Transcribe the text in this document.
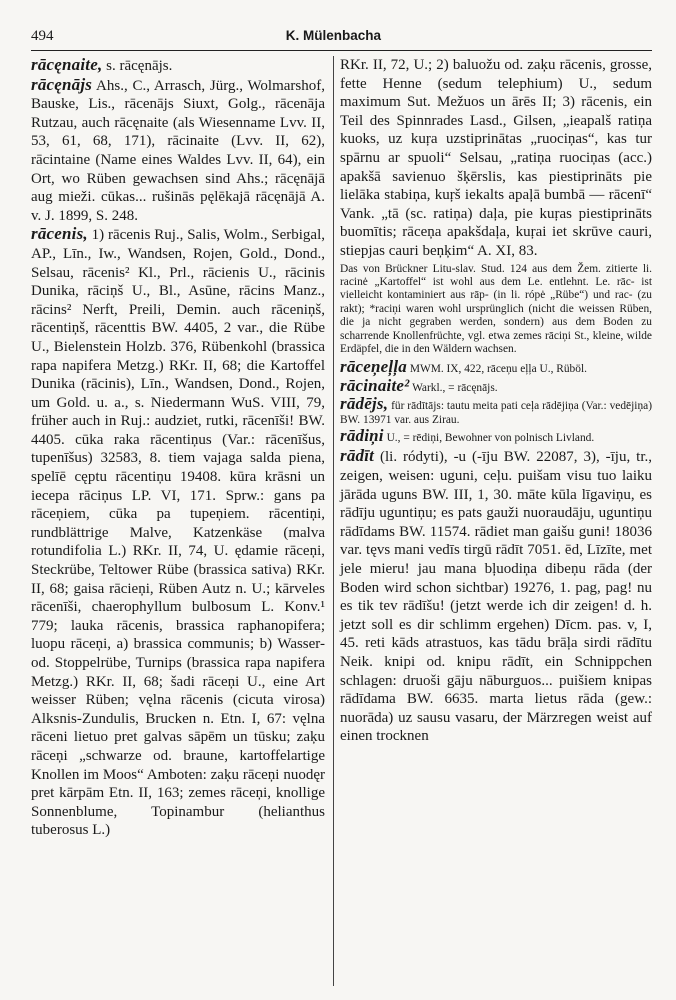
494	K. Mülenbacha

rācęnaite, s. rācęnājs.

rācęnājs Ahs., C., Arrasch, Jürg., Wolmarshof, Bauske, Lis., rācenājs Siuxt, Golg., rācenāja Rutzau, auch rācęnaite (als Wiesenname Lvv. II, 53, 61, 68, 171), rācinaite (Lvv. II, 62), rācintaine (Name eines Waldes Lvv. II, 64), ein Ort, wo Rüben gewachsen sind Ahs.; rācęnājā aug mieži. cūkas... rušinās pęlēkajā rācęnājā A. v. J. 1899, S. 248.

rācenis, 1) rācenis Ruj., Salis, Wolm., Serbigal, AP., Līn., Iw., Wandsen, Rojen, Gold., Dond., Selsau, rācenis² Kl., Prl., rācienis U., rācinis Dunika, rāciņš U., Bl., Asūne, rācins Manz., rācins² Nerft, Preili, Demin. auch rāceniņš, rācentiņš, rācenttis BW. 4405, 2 var., die Rübe U., Bielenstein Holzb. 376, Rübenkohl (brassica rapa napifera Metzg.) RKr. II, 68; die Kartoffel Dunika (rācinis), Līn., Wandsen, Dond., Rojen, um Gold. u. a., s. Niedermann WuS. VIII, 79, früher auch in Ruj.: audziet, rutki, rācenīši! BW. 4405. cūka raka rācentiņus (Var.: rācenīšus, tupenīšus) 32583, 8. tiem vajaga salda piena, spelīē cęptu rācentiņu 19408. kūra krāsni un iecepa rāciņus LP. VI, 171. Sprw.: gans pa rāceņiem, cūka pa tupeņiem. rācentiņi, rundblättrige Malve, Katzenkäse (malva rotundifolia L.) RKr. II, 74, U. ędamie rāceņi, Steckrübe, Teltower Rübe (brassica sativa) RKr. II, 68; gaisa rācieņi, Rüben Autz n. U.; kārveles rācenīši, chaerophyllum bulbosum L. Konv.¹ 779; lauka rācenis, brassica raphanopifera; luopu rāceņi, a) brassica communis; b) Wasser- od. Stoppelrübe, Turnips (brassica rapa napifera Metzg.) RKr. II, 68; šadi rāceņi U., eine Art weisser Rüben; vęlna rācenis (cicuta virosa) Alksnis-Zundulis, Brucken n. Etn. I, 67: vęlna rāceni lietuo pret galvas sāpēm un tūsku; zaķu rāceņi „schwarze od. braune, kartoffelartige Knollen im Moos“ Amboten: zaķu rāceņi nuodęr pret kārpām Etn. II, 163; zemes rāceņi, knollige Sonnenblume, Topinambur (helianthus tuberosus L.)

RKr. II, 72, U.; 2) baluožu od. zaķu rācenis, grosse, fette Henne (sedum telephium) U., sedum maximum Sut. Mežuos un ārēs II; 3) rācenis, ein Teil des Spinnrades Lasd., Gilsen, „ieapalš ratiņa kuoks, uz kuŗa uzstiprinātas „ruociņas“, kas tur spārnu ar spuoli“ Selsau, „ratiņa ruociņas (acc.) apakšā savienuo šķērslis, kas piestiprināts pie lielāka stabiņa, kuŗš iekalts apaļā bumbā — rācenī“ Vank. „tā (sc. ratiņa) daļa, pie kuŗas piestiprināts buomītis; rāceņa apakšdaļa, kuŗai iet skrūve cauri, stiepjas cauri beņķim“ A. XI, 83.

Das von Brückner Litu-slav. Stud. 124 aus dem Žem. zitierte li. racinė „Kartoffel“ ist wohl aus dem Le. entlehnt. Le. rāc- ist vielleicht kontaminiert aus rāp- (in li. rópė „Rübe“) und rac- (zu rakt); *raciņi waren wohl ursprünglich (nicht die weissen Rüben, die ja nicht gegraben werden, sondern) aus dem Boden zu scharrende Knollenfrüchte, vgl. etwa zemes rāciņi St., kleine, wilde Erdäpfel, die in den Wäldern wachsen.

rāceņeļļa MWM. IX, 422, rāceņu eļļa U., Rüböl.

rācinaite² Warkl., = rācęnājs.

rādējs, für rādītājs: tautu meita pati ceļa rādējiņa (Var.: vedējiņa) BW. 13971 var. aus Zirau.

rādiņi U., = rēdiņi, Bewohner von polnisch Livland.

rādīt (li. ródyti), -u (-īju BW. 22087, 3), -īju, tr., zeigen, weisen: uguni, ceļu. puišam visu tuo laiku jārāda uguns BW. III, 1, 30. māte kūla līgaviņu, es rādīju uguntiņu; es pats gauži nuoraudāju, uguntiņu rādīdams BW. 11574. rādiet man gaišu guni! 18036 var. tęvs mani vedīs tirgū rādīt 7051. ēd, Līzīte, met jele mieru! jau mana bļuodiņa dibeņu rāda (der Boden wird schon sichtbar) 19276, 1. pag, pag! nu es tik tev rādīšu! (jetzt werde ich dir zeigen! d. h. jetzt soll es dir schlimm ergehen) Dīcm. pas. v, I, 45. reti kāds atrastuos, kas tādu brāļa sirdi rādītu Neik. knipi od. knipu rādīt, ein Schnippchen schlagen: druoši gāju nāburguos... puišiem knipas rādīdama BW. 6635. marta lietus rāda (gew.: nuorāda) uz sausu vasaru, der Märzregen weist auf einen trocknen
